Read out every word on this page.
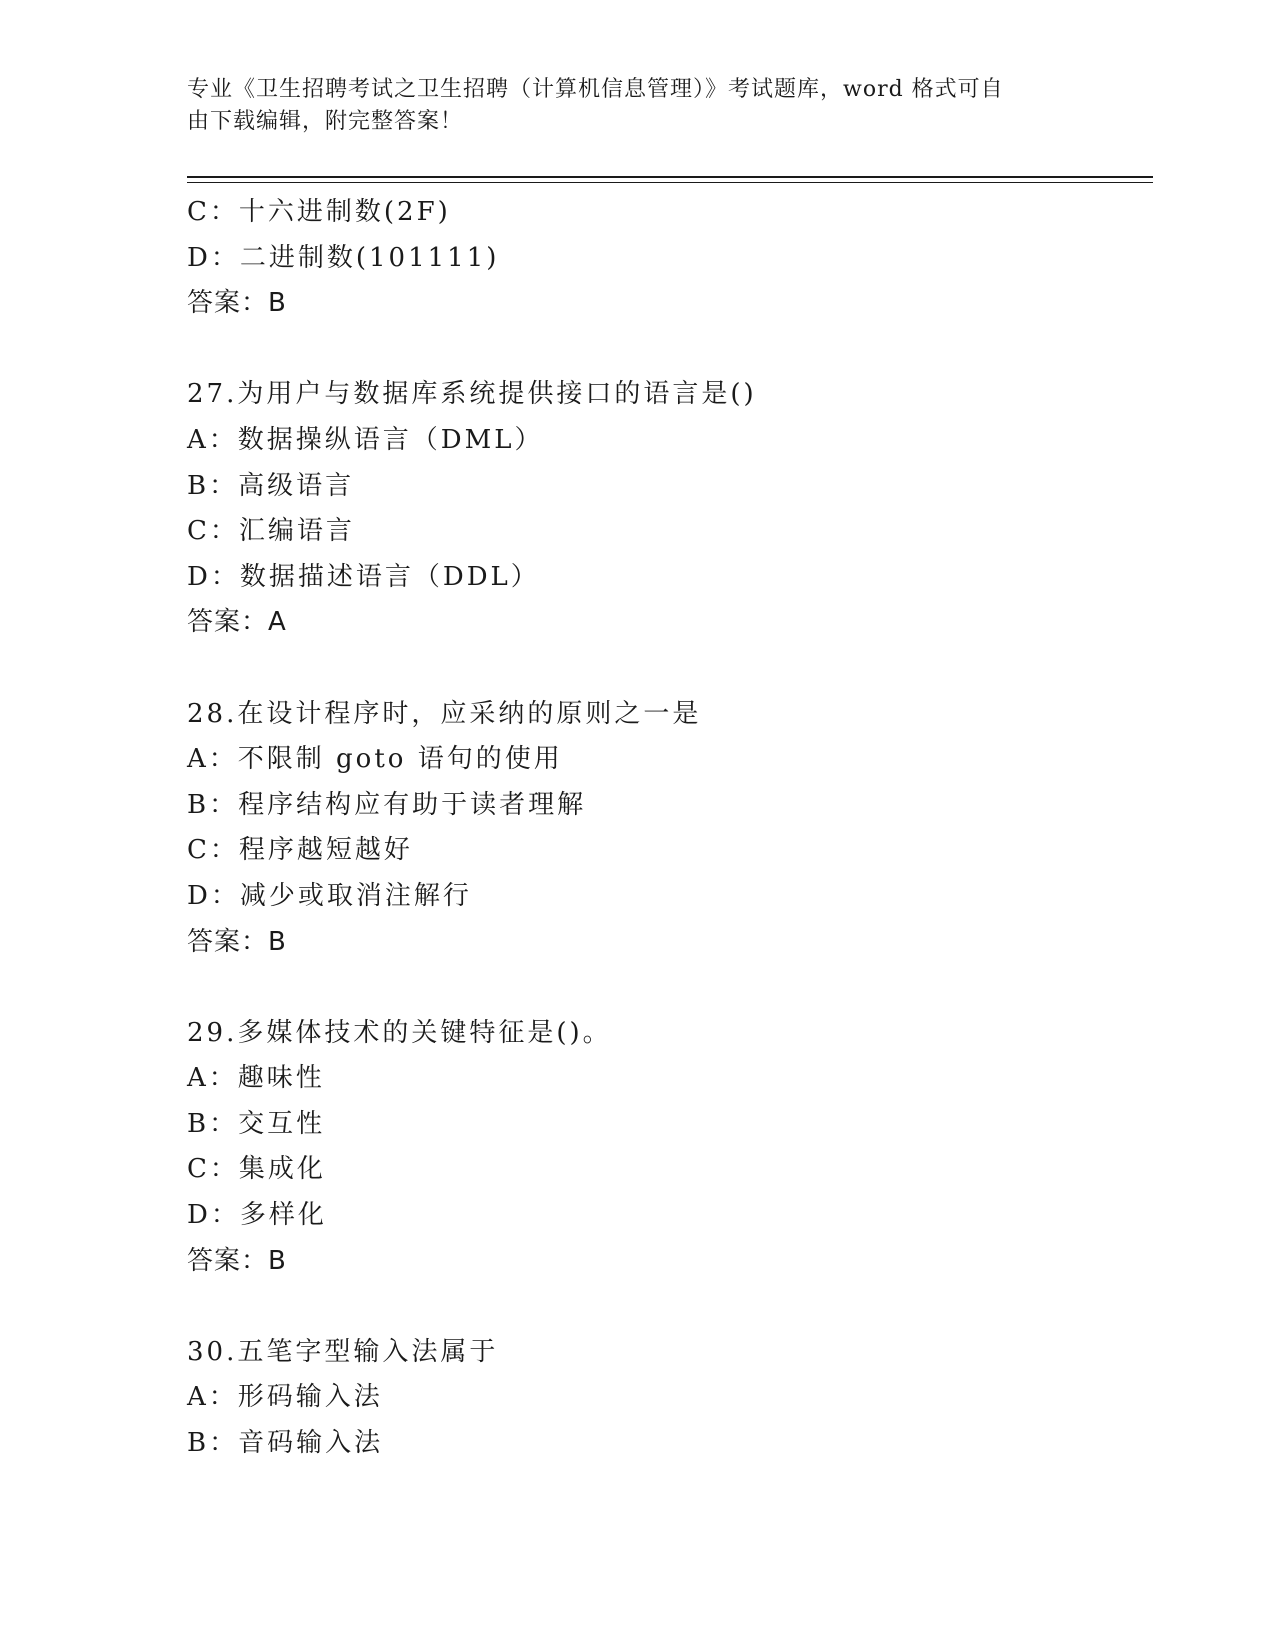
专业《卫生招聘考试之卫生招聘（计算机信息管理）》考试题库，word 格式可自
由下载编辑，附完整答案！
C：十六进制数(2F)
D：二进制数(101111)
答案：B
27.为用户与数据库系统提供接口的语言是()
A：数据操纵语言（DML）
B：高级语言
C：汇编语言
D：数据描述语言（DDL）
答案：A
28.在设计程序时，应采纳的原则之一是
A：不限制 goto 语句的使用
B：程序结构应有助于读者理解
C：程序越短越好
D：减少或取消注解行
答案：B
29.多媒体技术的关键特征是()。
A：趣味性
B：交互性
C：集成化
D：多样化
答案：B
30.五笔字型输入法属于
A：形码输入法
B：音码输入法
